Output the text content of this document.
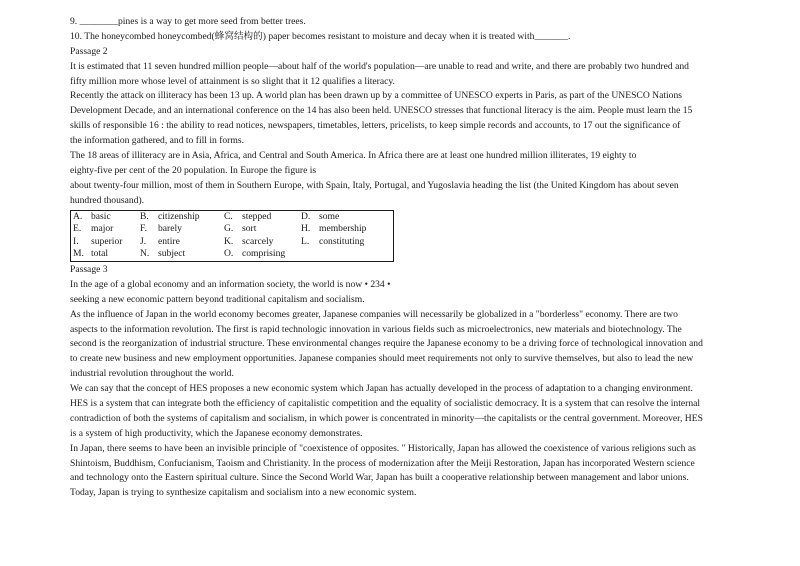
9. ________pines is a way to get more seed from better trees.
10. The honeycombed honeycombed(蜂窝结构的) paper becomes resistant to moisture and decay when it is treated with_______.
Passage 2
It is estimated that 11 seven hundred million people—about half of the world's population—are unable to read and write, and there are probably two hundred and
fifty million more whose level of attainment is so slight that it 12 qualifies a literacy.
Recently the attack on illiteracy has been 13 up. A world plan has been drawn up by a committee of UNESCO experts in Paris, as part of the UNESCO Nations
Development Decade, and an international conference on the 14 has also been held. UNESCO stresses that functional literacy is the aim. People must learn the 15
skills of responsible 16 : the ability to read notices, newspapers, timetables, letters, pricelists, to keep simple records and accounts, to 17 out the significance of
the information gathered, and to fill in forms.
The 18 areas of illiteracy are in Asia, Africa, and Central and South America. In Africa there are at least one hundred million illiterates, 19 eighty to
eighty-five per cent of the 20 population. In Europe the figure is
about twenty-four million, most of them in Southern Europe, with Spain, Italy, Portugal, and Yugoslavia heading the list (the United Kingdom has about seven
hundred thousand).
A.	basic	B.	citizenship	C.	stepped	D.	some
E.	major	F.	barely	G.	sort	H.	membership
I.	superior	J.	entire	K.	scarcely	L.	constituting
M.	total	N.	subject	O.	comprising		
Passage 3
In the age of a global economy and an information society, the world is now • 234 •
seeking a new economic pattern beyond traditional capitalism and socialism.
As the influence of Japan in the world economy becomes greater, Japanese companies will necessarily be globalized in a "borderless" economy. There are two
aspects to the information revolution. The first is rapid technologic innovation in various fields such as microelectronics, new materials and biotechnology. The
second is the reorganization of industrial structure. These environmental changes require the Japanese economy to be a driving force of technological innovation and
to create new business and new employment opportunities. Japanese companies should meet requirements not only to survive themselves, but also to lead the new
industrial revolution throughout the world.
We can say that the concept of HES proposes a new economic system which Japan has actually developed in the process of adaptation to a changing environment.
HES is a system that can integrate both the efficiency of capitalistic competition and the equality of socialistic democracy. It is a system that can resolve the internal
contradiction of both the systems of capitalism and socialism, in which power is concentrated in minority—the capitalists or the central government. Moreover, HES
is a system of high productivity, which the Japanese economy demonstrates.
In Japan, there seems to have been an invisible principle of "coexistence of opposites. " Historically, Japan has allowed the coexistence of various religions such as
Shintoism, Buddhism, Confucianism, Taoism and Christianity. In the process of modernization after the Meiji Restoration, Japan has incorporated Western science
and technology onto the Eastern spiritual culture. Since the Second World War, Japan has built a cooperative relationship between management and labor unions.
Today, Japan is trying to synthesize capitalism and socialism into a new economic system.
